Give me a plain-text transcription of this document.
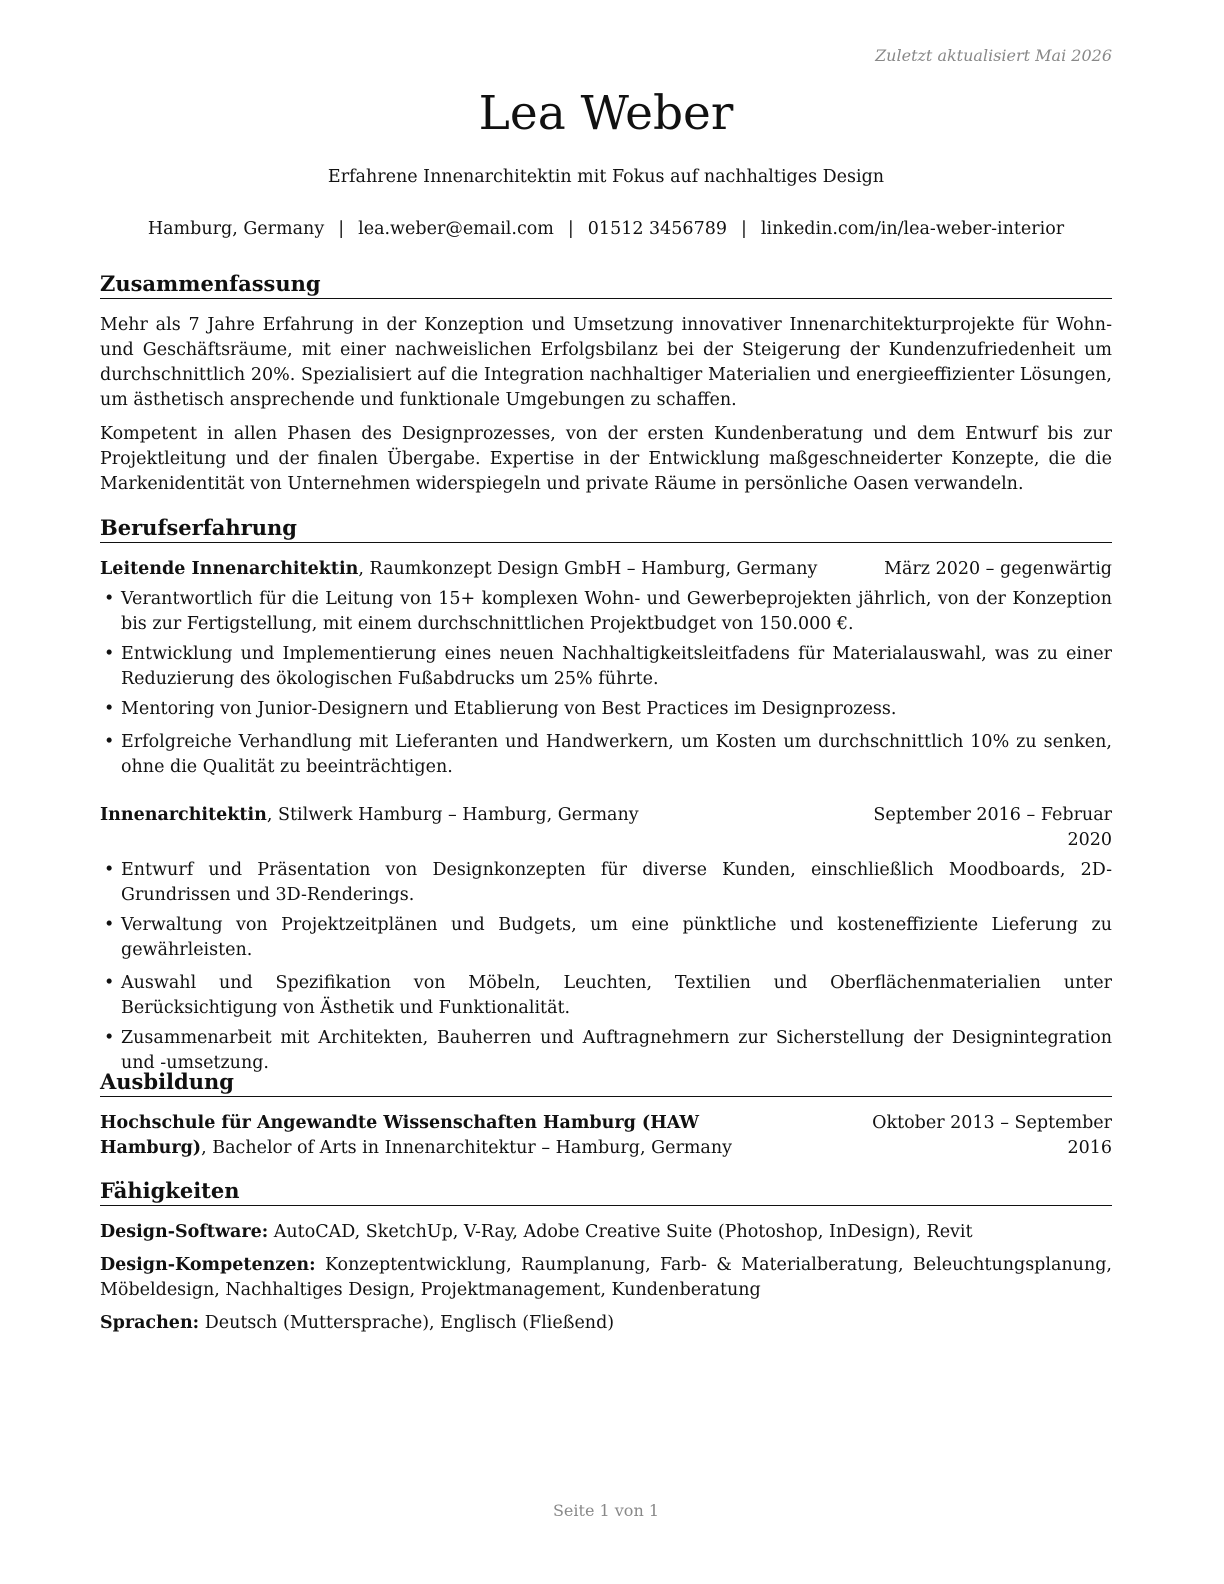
Zuletzt aktualisiert Mai 2026
Lea Weber
Erfahrene Innenarchitektin mit Fokus auf nachhaltiges Design
Hamburg, Germany | lea.weber@email.com | 01512 3456789 | linkedin.com/in/lea-weber-interior
Zusammenfassung

Mehr als 7 Jahre Erfahrung in der Konzeption und Umsetzung innovativer Innenarchitekturprojekte für Wohn- und Geschäftsräume, mit einer nachweislichen Erfolgsbilanz bei der Steigerung der Kundenzufriedenheit um durchschnittlich 20%. Spezialisiert auf die Integration nachhaltiger Materialien und energieeffizienter Lösungen, um ästhetisch ansprechende und funktionale Umgebungen zu schaffen.

Kompetent in allen Phasen des Designprozesses, von der ersten Kundenberatung und dem Entwurf bis zur Projektleitung und der finalen Übergabe. Expertise in der Entwicklung maßgeschneiderter Konzepte, die die Markenidentität von Unternehmen widerspiegeln und private Räume in persönliche Oasen verwandeln.

Berufserfahrung
Leitende Innenarchitektin, Raumkonzept Design GmbH – Hamburg, Germany	März 2020 – gegenwärtig
• Verantwortlich für die Leitung von 15+ komplexen Wohn- und Gewerbeprojekten jährlich, von der Konzeption bis zur Fertigstellung, mit einem durchschnittlichen Projektbudget von 150.000 €.
• Entwicklung und Implementierung eines neuen Nachhaltigkeitsleitfadens für Materialauswahl, was zu einer Reduzierung des ökologischen Fußabdrucks um 25% führte.
• Mentoring von Junior-Designern und Etablierung von Best Practices im Designprozess.
• Erfolgreiche Verhandlung mit Lieferanten und Handwerkern, um Kosten um durchschnittlich 10% zu senken, ohne die Qualität zu beeinträchtigen.
Innenarchitektin, Stilwerk Hamburg – Hamburg, Germany	September 2016 – Februar 2020
• Entwurf und Präsentation von Designkonzepten für diverse Kunden, einschließlich Moodboards, 2D-Grundrissen und 3D-Renderings.
• Verwaltung von Projektzeitplänen und Budgets, um eine pünktliche und kosteneffiziente Lieferung zu gewährleisten.
• Auswahl und Spezifikation von Möbeln, Leuchten, Textilien und Oberflächenmaterialien unter Berücksichtigung von Ästhetik und Funktionalität.
• Zusammenarbeit mit Architekten, Bauherren und Auftragnehmern zur Sicherstellung der Designintegration und -umsetzung.
Ausbildung
Hochschule für Angewandte Wissenschaften Hamburg (HAW Hamburg), Bachelor of Arts in Innenarchitektur – Hamburg, Germany
Oktober 2013 – September 2016
Fähigkeiten
Design-Software: AutoCAD, SketchUp, V-Ray, Adobe Creative Suite (Photoshop, InDesign), Revit
Design-Kompetenzen: Konzeptentwicklung, Raumplanung, Farb- & Materialberatung, Beleuchtungsplanung, Möbeldesign, Nachhaltiges Design, Projektmanagement, Kundenberatung
Sprachen: Deutsch (Muttersprache), Englisch (Fließend)
Seite 1 von 1
